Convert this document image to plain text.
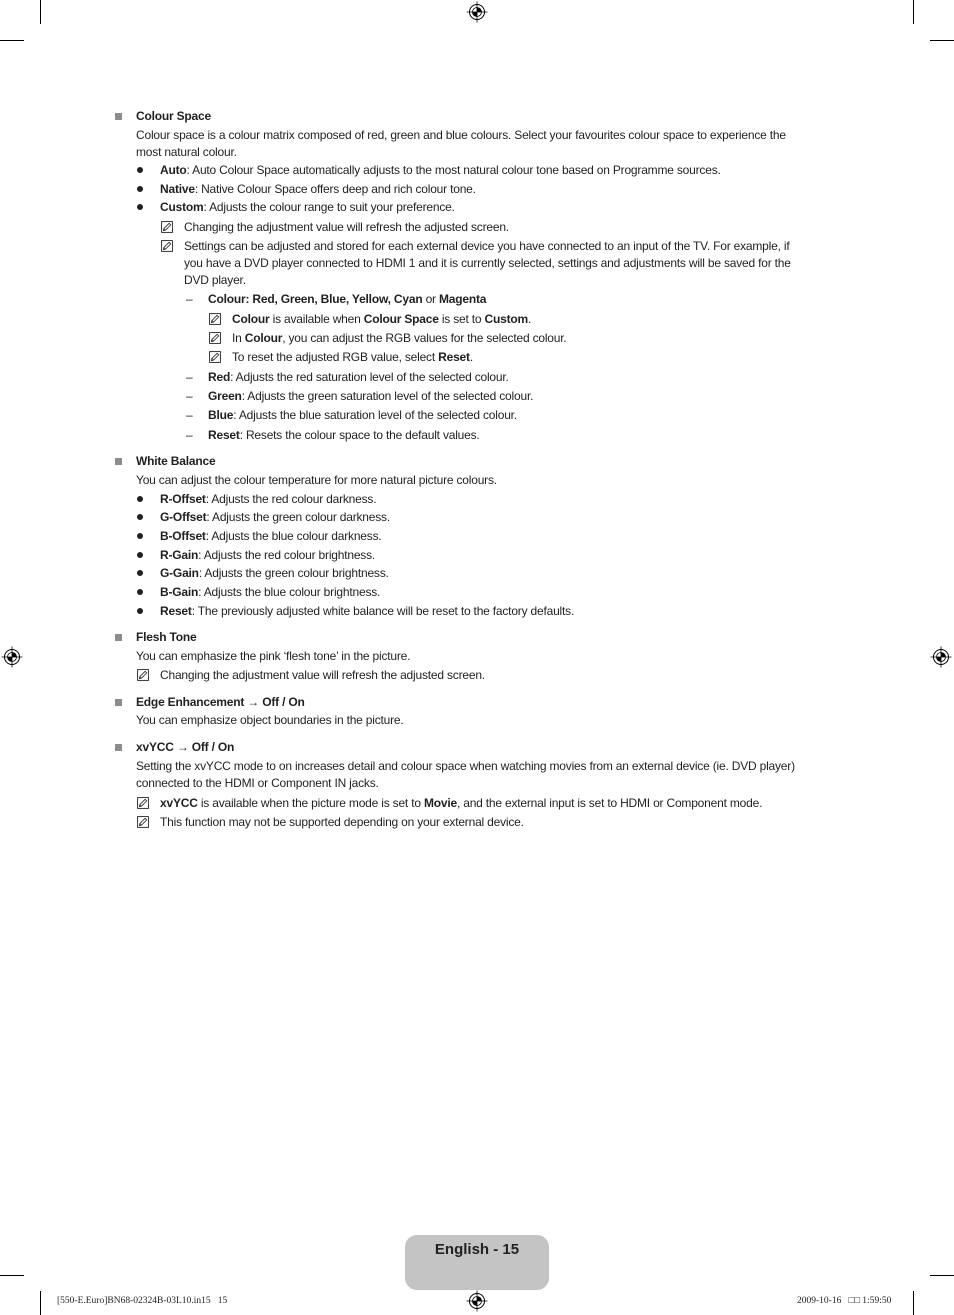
Colour Space
Colour space is a colour matrix composed of red, green and blue colours. Select your favourites colour space to experience the
most natural colour.
Auto: Auto Colour Space automatically adjusts to the most natural colour tone based on Programme sources.
Native: Native Colour Space offers deep and rich colour tone.
Custom: Adjusts the colour range to suit your preference.
Changing the adjustment value will refresh the adjusted screen.
Settings can be adjusted and stored for each external device you have connected to an input of the TV. For example, if
you have a DVD player connected to HDMI 1 and it is currently selected, settings and adjustments will be saved for the
DVD player.
– Colour: Red, Green, Blue, Yellow, Cyan or Magenta
Colour is available when Colour Space is set to Custom.
In Colour, you can adjust the RGB values for the selected colour.
To reset the adjusted RGB value, select Reset.
– Red: Adjusts the red saturation level of the selected colour.
– Green: Adjusts the green saturation level of the selected colour.
– Blue: Adjusts the blue saturation level of the selected colour.
– Reset: Resets the colour space to the default values.
White Balance
You can adjust the colour temperature for more natural picture colours.
R-Offset: Adjusts the red colour darkness.
G-Offset: Adjusts the green colour darkness.
B-Offset: Adjusts the blue colour darkness.
R-Gain: Adjusts the red colour brightness.
G-Gain: Adjusts the green colour brightness.
B-Gain: Adjusts the blue colour brightness.
Reset: The previously adjusted white balance will be reset to the factory defaults.
Flesh Tone
You can emphasize the pink ‘flesh tone’ in the picture.
Changing the adjustment value will refresh the adjusted screen.
Edge Enhancement → Off / On
You can emphasize object boundaries in the picture.
xvYCC → Off / On
Setting the xvYCC mode to on increases detail and colour space when watching movies from an external device (ie. DVD player)
connected to the HDMI or Component IN jacks.
xvYCC is available when the picture mode is set to Movie, and the external input is set to HDMI or Component mode.
This function may not be supported depending on your external device.
English - 15
[550-E.Euro]BN68-02324B-03L10.in15   15	2009-10-16   □□ 1:59:50
